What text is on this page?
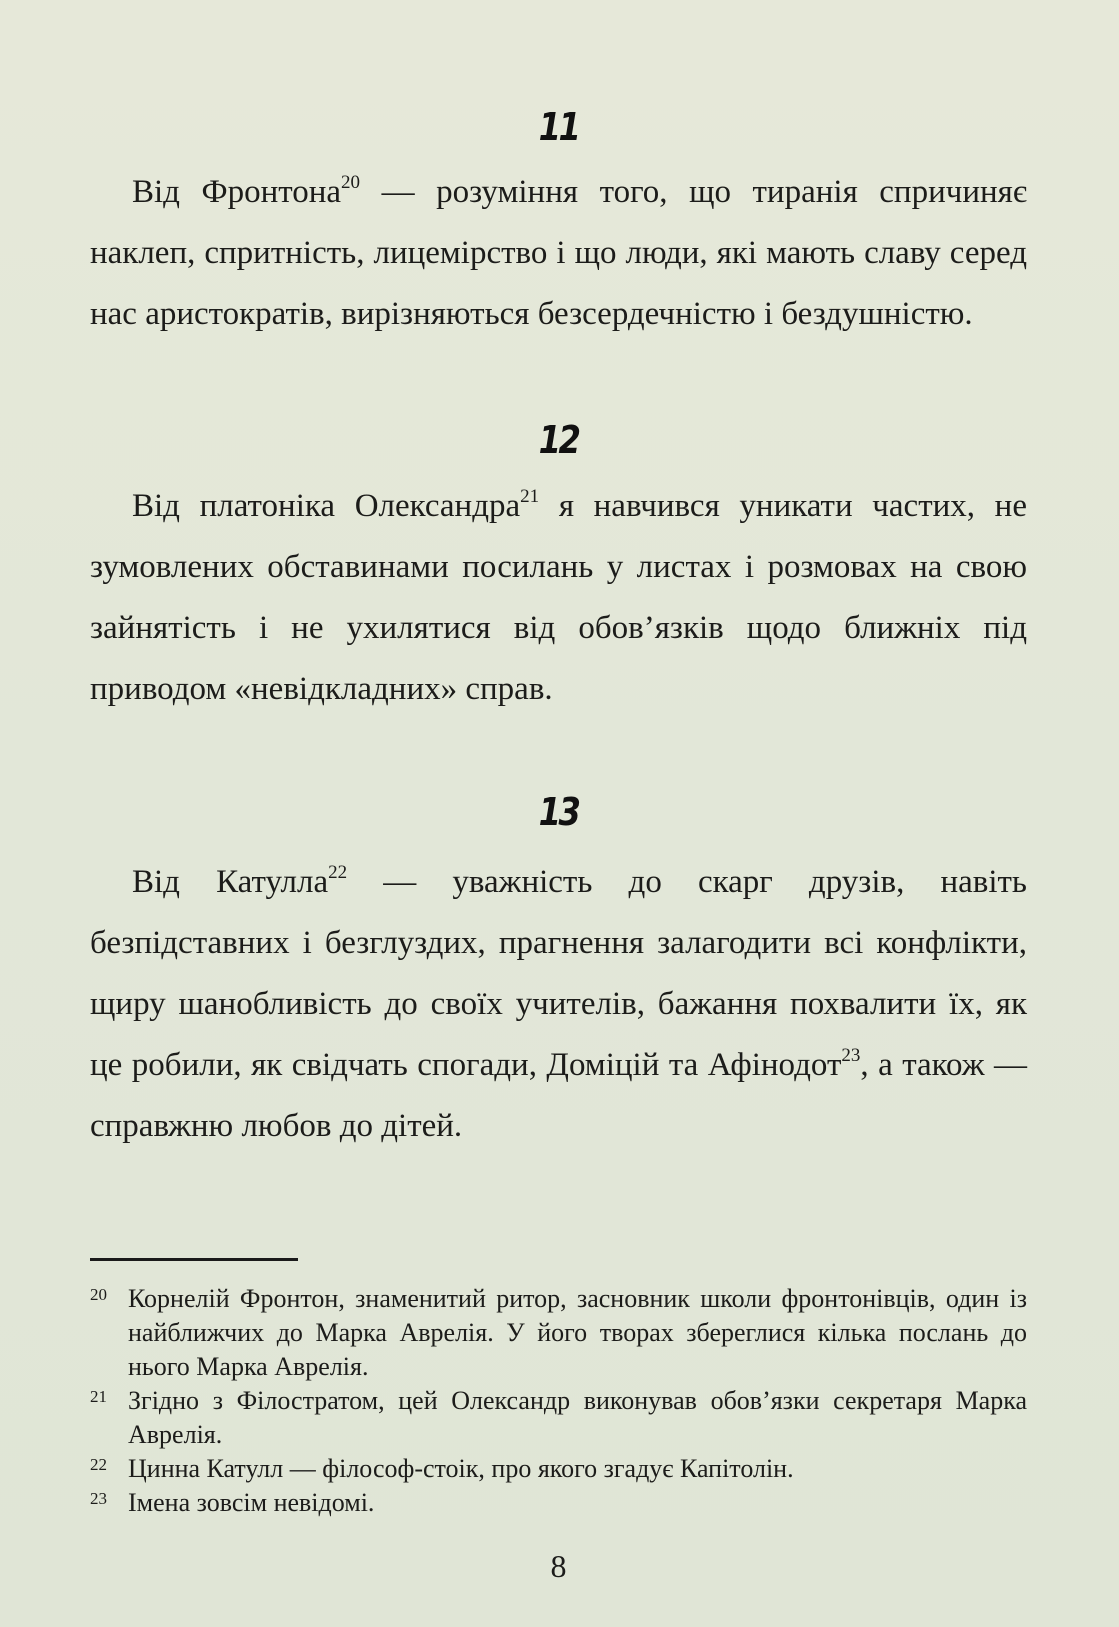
11
Від Фронтона$^{20}$ — розуміння того, що тиранія спричиняє наклеп, спритність, лицемірство і що люди, які мають славу серед нас аристократів, вирізняються безсердечністю і бездушністю.
12
Від платоніка Олександра$^{21}$ я навчився уникати частих, не зумовлених обставинами посилань у листах і розмовах на свою зайнятість і не ухилятися від обов’язків щодо ближніх під приводом «невідкладних» справ.
13
Від Катулла$^{22}$ — уважність до скарг друзів, навіть безпідставних і безглуздих, прагнення залагодити всі конфлікти, щиру шанобливість до своїх учителів, бажання похвалити їх, як це робили, як свідчать спогади, Доміцій та Афінодот$^{23}$, а також — справжню любов до дітей.
20 Корнелій Фронтон, знаменитий ритор, засновник школи фронтонівців, один із найближчих до Марка Аврелія. У його творах збереглися кілька послань до нього Марка Аврелія.
21 Згідно з Філостратом, цей Олександр виконував обов’язки секретаря Марка Аврелія.
22 Цинна Катулл — філософ-стоік, про якого згадує Капітолін.
23 Імена зовсім невідомі.
8
